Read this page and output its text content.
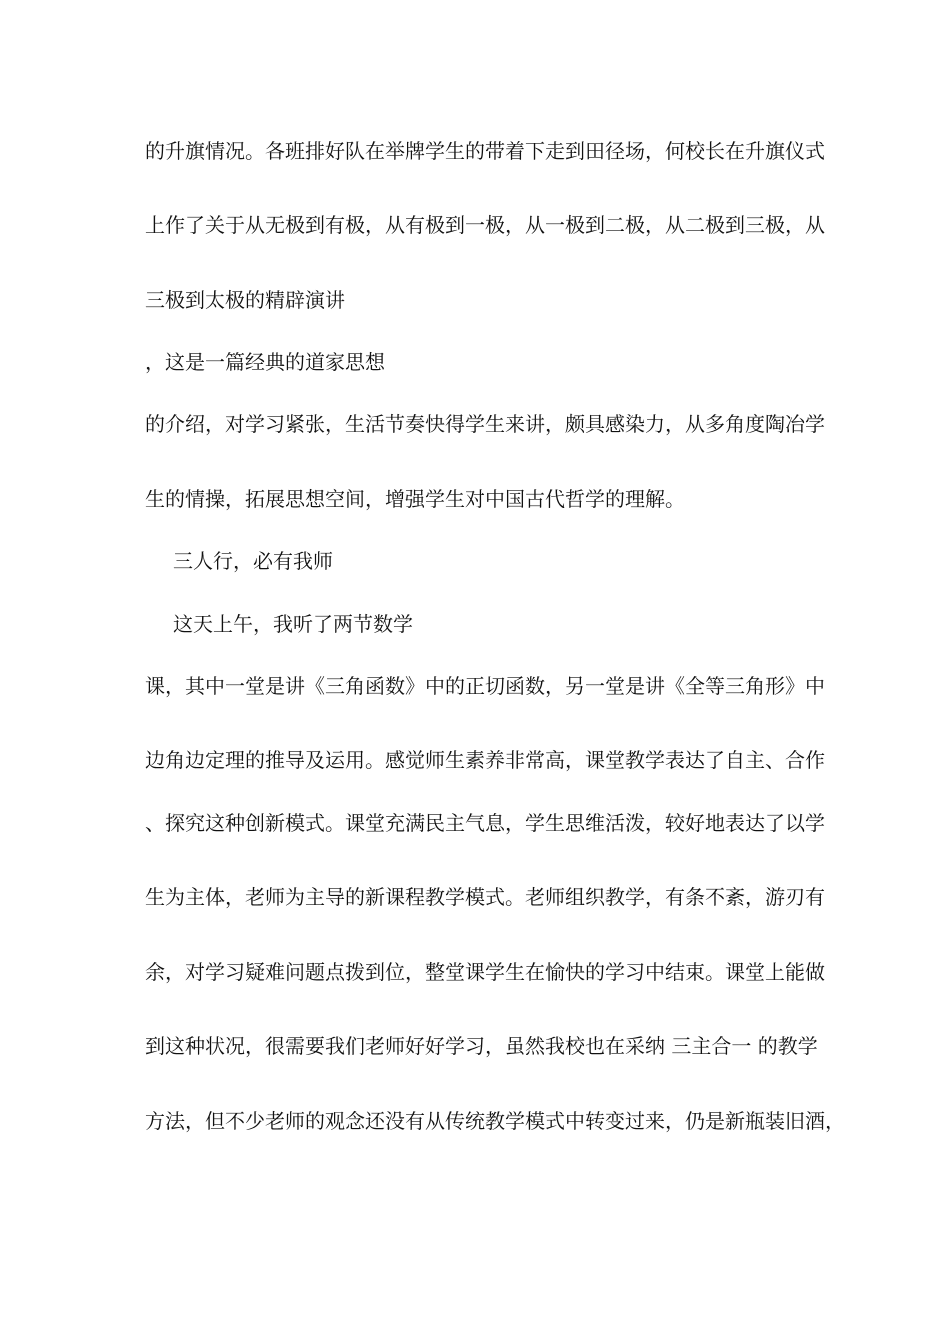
的升旗情况。各班排好队在举牌学生的带着下走到田径场，何校长在升旗仪式
上作了关于从无极到有极，从有极到一极，从一极到二极，从二极到三极，从
三极到太极的精辟演讲
，这是一篇经典的道家思想
的介绍，对学习紧张，生活节奏快得学生来讲，颇具感染力，从多角度陶冶学
生的情操，拓展思想空间，增强学生对中国古代哲学的理解。
三人行，必有我师
这天上午，我听了两节数学
课，其中一堂是讲《三角函数》中的正切函数，另一堂是讲《全等三角形》中
边角边定理的推导及运用。感觉师生素养非常高，课堂教学表达了自主、合作
、探究这种创新模式。课堂充满民主气息，学生思维活泼，较好地表达了以学
生为主体，老师为主导的新课程教学模式。老师组织教学，有条不紊，游刃有
余，对学习疑难问题点拨到位，整堂课学生在愉快的学习中结束。课堂上能做
到这种状况，很需要我们老师好好学习，虽然我校也在采纳 三主合一 的教学
方法，但不少老师的观念还没有从传统教学模式中转变过来，仍是新瓶装旧酒，
